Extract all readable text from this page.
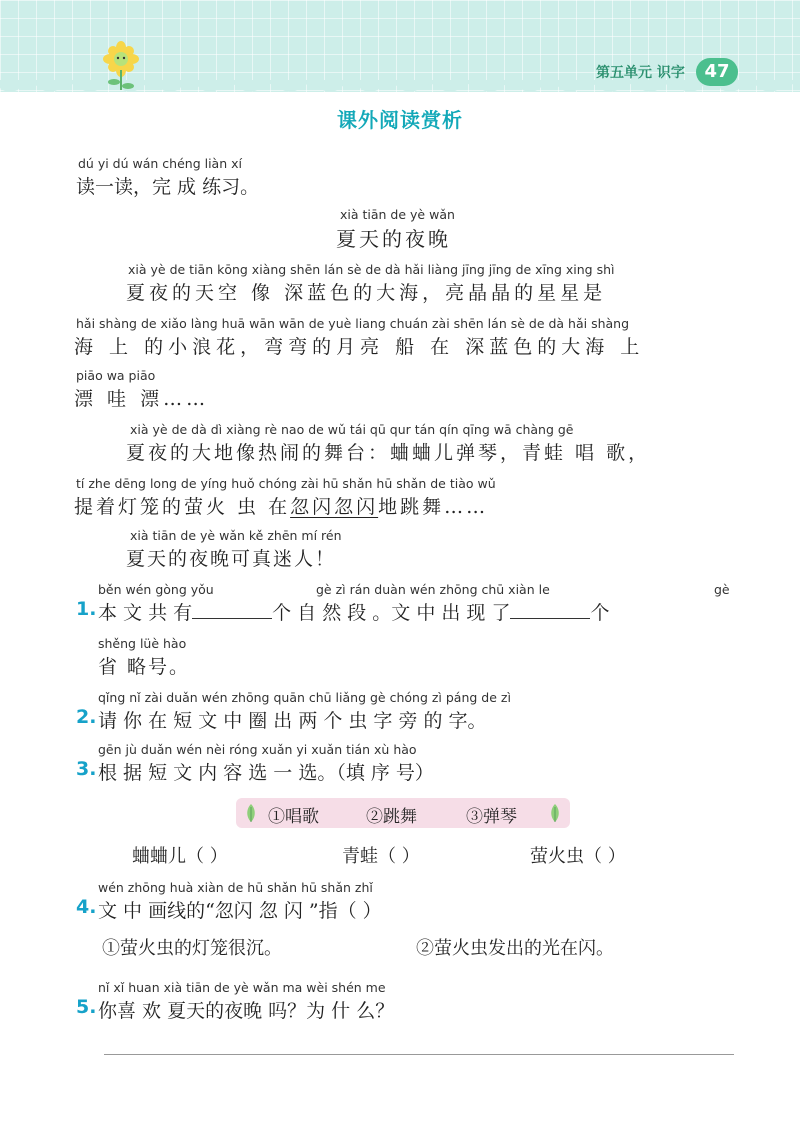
第五单元 识字	47
课外阅读赏析
dú yi dú wán chéng liàn xí
读一读，完 成 练习。
xià tiān de yè wǎn
夏天的夜晚
xià yè de tiān kōng xiàng shēn lán sè de dà hǎi liàng jīng jīng de xīng xing shì
夏夜的天空 像 深蓝色的大海，亮晶晶的星星是
hǎi shàng de xiǎo làng huā wān wān de yuè liang chuán zài shēn lán sè de dà hǎi shàng
海 上 的小浪花，弯弯的月亮 船 在 深蓝色的大海 上
piāo wa piāo
漂 哇 漂……
xià yè de dà dì xiàng rè nao de wǔ tái qū qur tán qín qīng wā chàng gē
夏夜的大地像热闹的舞台：蛐蛐儿弹琴，青蛙 唱 歌，
tí zhe dēng long de yíng huǒ chóng zài hū shǎn hū shǎn de tiào wǔ
提着灯笼的萤火 虫 在忽闪忽闪地跳舞……
xià tiān de yè wǎn kě zhēn mí rén
夏天的夜晚可真迷人！
běn wén gòng yǒu	gè zì rán duàn wén zhōng chū xiàn le	gè
1. 本 文 共 有	个 自 然 段 。文 中 出 现 了	个
shěng lüè hào
省 略号。
qǐng nǐ zài duǎn wén zhōng quān chū liǎng gè chóng zì páng de zì
2. 请 你 在 短 文 中 圈 出 两 个 虫 字 旁 的 字。
gēn jù duǎn wén nèi róng xuǎn yi xuǎn tián xù hào
3. 根 据 短 文 内 容 选 一 选。（填 序 号）
①唱歌	②跳舞	③弹琴
蛐蛐儿（ ）	青蛙（ ）	萤火虫（ ）
wén zhōng huà xiàn de hū shǎn hū shǎn zhǐ
4. 文 中 画线的“忽闪 忽 闪 ”指（ ）
①萤火虫的灯笼很沉。	②萤火虫发出的光在闪。
nǐ xǐ huan xià tiān de yè wǎn ma wèi shén me
5. 你喜 欢 夏天的夜晚 吗？为 什 么？
